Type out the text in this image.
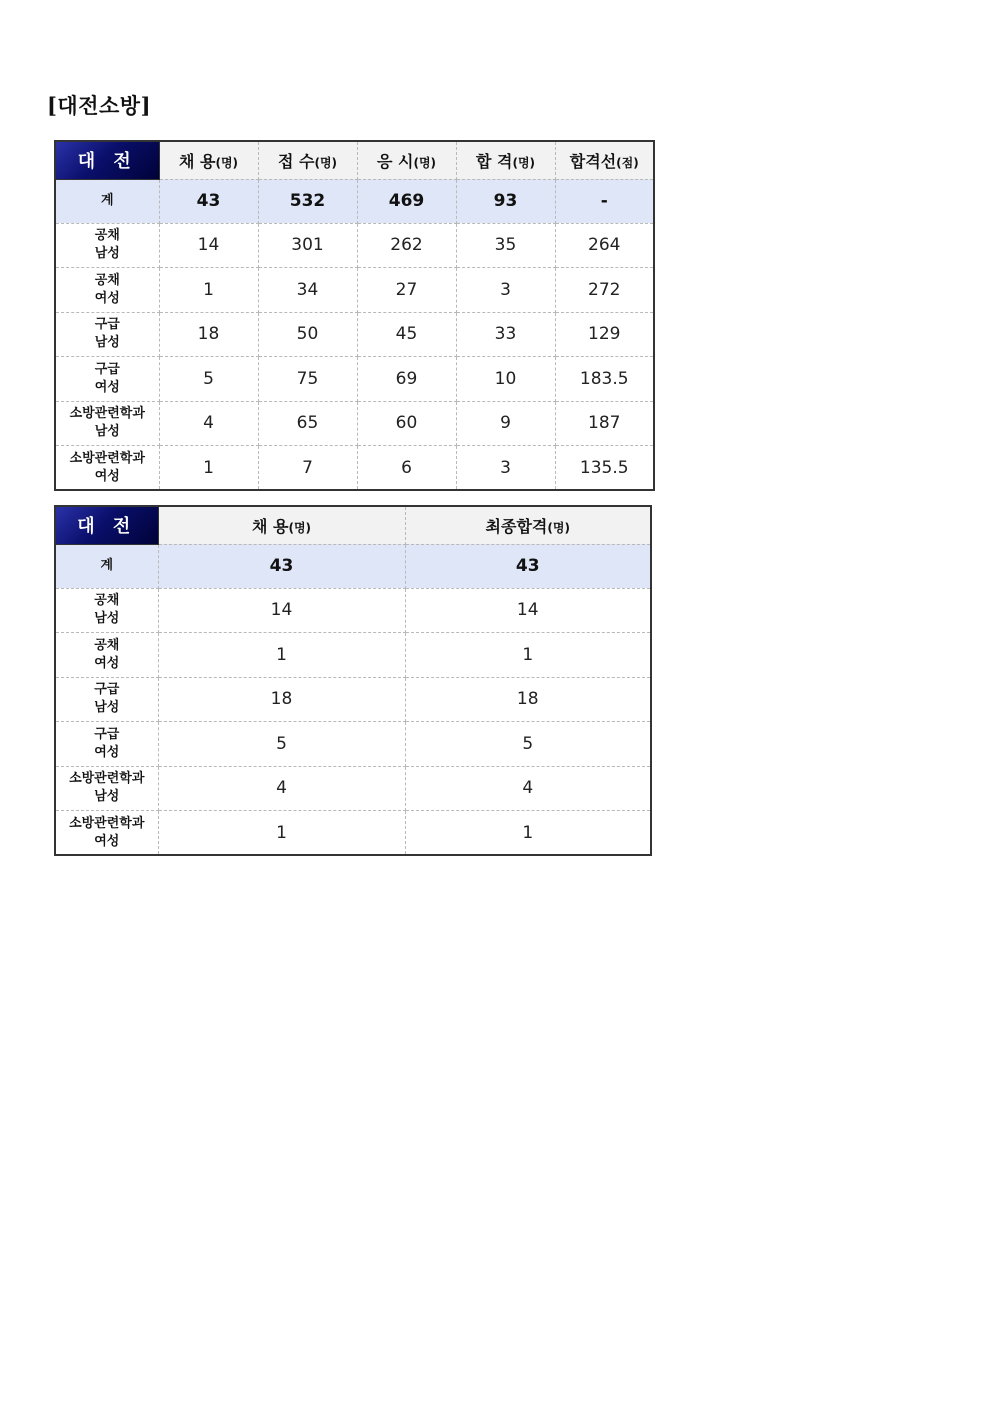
[대전소방]
대 전	채 용(명)	접 수(명)	응 시(명)	합 격(명)	합격선(점)
계	43	532	469	93	-

공채
남성	14	301	262	35	264

공채
여성	1	34	27	3	272

구급
남성	18	50	45	33	129

구급
여성	5	75	69	10	183.5

소방관련학과
남성	4	65	60	9	187

소방관련학과
여성	1	7	6	3	135.5
대 전	채 용(명)	최종합격(명)
계	43	43

공채
남성	14	14

공채
여성	1	1

구급
남성	18	18

구급
여성	5	5

소방관련학과
남성	4	4

소방관련학과
여성	1	1
